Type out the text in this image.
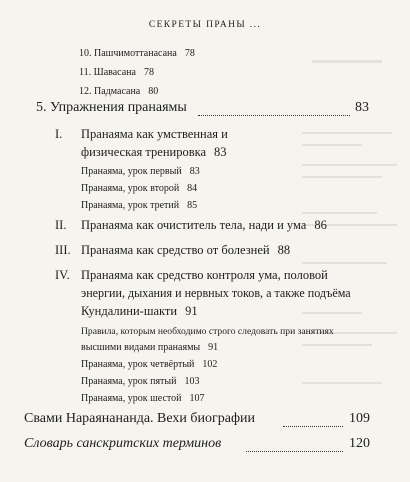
СЕКРЕТЫ ПРАНЫ ...
10. Пашчимоттанасана 78
11. Шавасана 78
12. Падмасана 80
5. Упражнения пранаямы	83
I. Пранаяма как умственная и
физическая тренировка 83
Пранаяма, урок первый 83
Пранаяма, урок второй 84
Пранаяма, урок третий 85
II. Пранаяма как очиститель тела, нади и ума 86
III. Пранаяма как средство от болезней 88
IV. Пранаяма как средство контроля ума, половой
энергии, дыхания и нервных токов, а также подъёма
Кундалини-шакти 91
Правила, которым необходимо строго следовать при занятиях
высшими видами пранаямы 91
Пранаяма, урок четвёртый 102
Пранаяма, урок пятый 103
Пранаяма, урок шестой 107
Свами Нараянананда. Вехи биографии	109
Словарь санскритских терминов	120
